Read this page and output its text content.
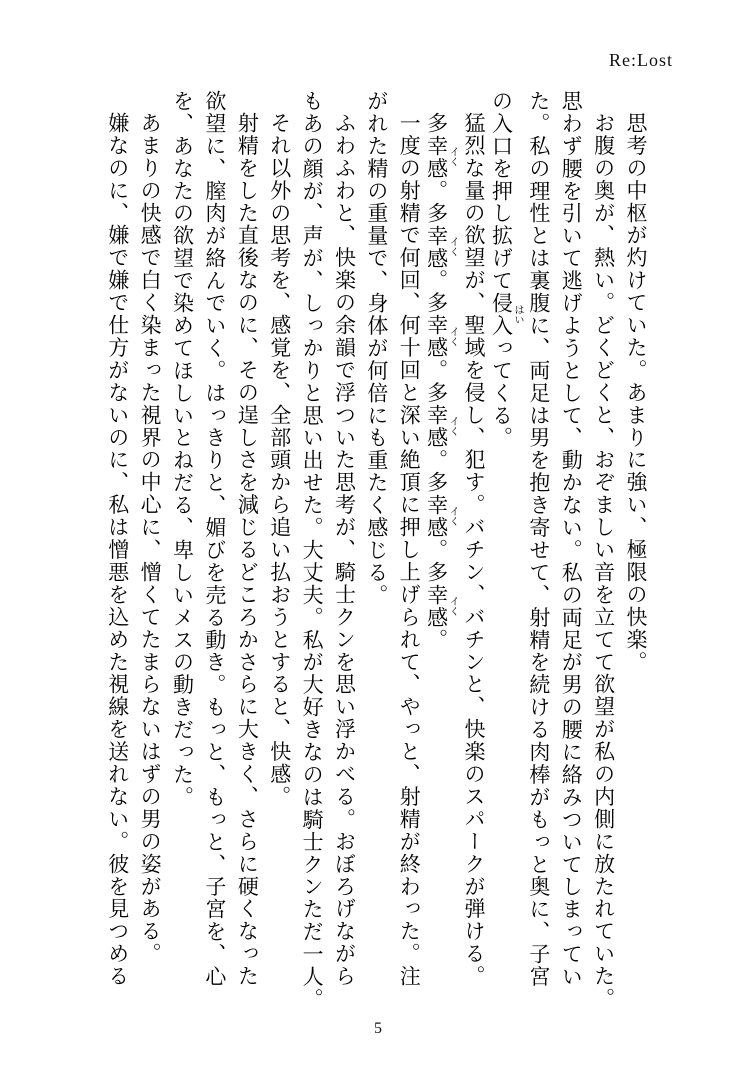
Re:Lost
思考の中枢が灼けていた。あまりに強い、極限の快楽。
お腹の奥が、熱い。どくどくと、おぞましい音を立てて欲望が私の内側に放たれていた。
思わず腰を引いて逃げようとして、動かない。私の両足が男の腰に絡みついてしまってい
た。私の理性とは裏腹に、両足は男を抱き寄せて、射精を続ける肉棒がもっと奥に、子宮
の入口を押し拡げて侵入はいってくる。
猛烈な量の欲望が、聖域を侵し、犯す。バチン、バチンと、快楽のスパークが弾ける。
多幸感イく。多幸感イく。多幸感イく。多幸感イく。多幸感イく。多幸感イく。
一度の射精で何回、何十回と深い絶頂に押し上げられて、やっと、射精が終わった。注
がれた精の重量で、身体が何倍にも重たく感じる。
ふわふわと、快楽の余韻で浮ついた思考が、騎士クンを思い浮かべる。おぼろげながら
もあの顔が、声が、しっかりと思い出せた。大丈夫。私が大好きなのは騎士クンただ一人。
それ以外の思考を、感覚を、全部頭から追い払おうとすると、快感。
射精をした直後なのに、その逞しさを減じるどころかさらに大きく、さらに硬くなった
欲望に、膣肉が絡んでいく。はっきりと、媚びを売る動き。もっと、もっと、子宮を、心
を、あなたの欲望で染めてほしいとねだる、卑しいメスの動きだった。
あまりの快感で白く染まった視界の中心に、憎くてたまらないはずの男の姿がある。
嫌なのに、嫌で嫌で仕方がないのに、私は憎悪を込めた視線を送れない。彼を見つめる
5
